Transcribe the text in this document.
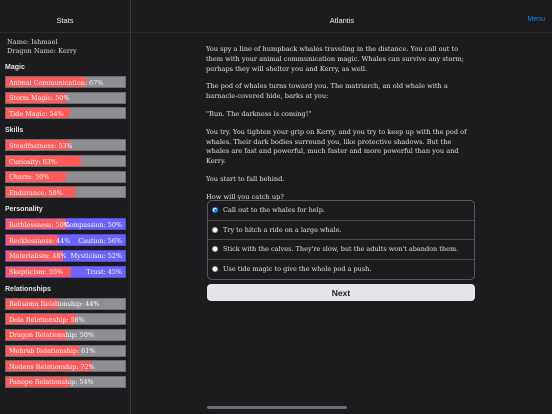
Stats
Name: Ishmael
Dragon Name: Kerry
Magic
Animal Communication: 67%
Storm Magic: 50%
Tide Magic: 54%
Skills
Steadfastness: 53%
Curiosity: 63%
Charm: 50%
Endurance: 58%
Personality
Ruthlessness: 50%
Compassion: 50%
Recklessness: 44% Caution: 56%
Materialism: 48% Mysticism: 52%
Skepticism: 55%	Trust: 45%
Relationships
Belisama Relationship: 44%
Dola Relationship: 58%
Dragon Relationship: 50%
Mehrab Relationship: 61%
Nodens Relationship: 72%
Panope Relationship: 54%
Atlantis	Menu

You spy a line of humpback whales traveling in the distance. You call out to them with your animal communication magic. Whales can survive any storm; perhaps they will shelter you and Kerry, as well.

The pod of whales turns toward you. The matriarch, an old whale with a barnacle-covered hide, barks at you:

"Run. The darkness is coming!"

You try. You tighten your grip on Kerry, and you try to keep up with the pod of whales. Their dark bodies surround you, like protective shadows. But the whales are fast and powerful, much faster and more powerful than you and Kerry.

You start to fall behind.

How will you catch up?

Call out to the whales for help.
Try to hitch a ride on a large whale.
Stick with the calves. They're slow, but the adults won't abandon them.
Use tide magic to give the whole pod a push.
Next
